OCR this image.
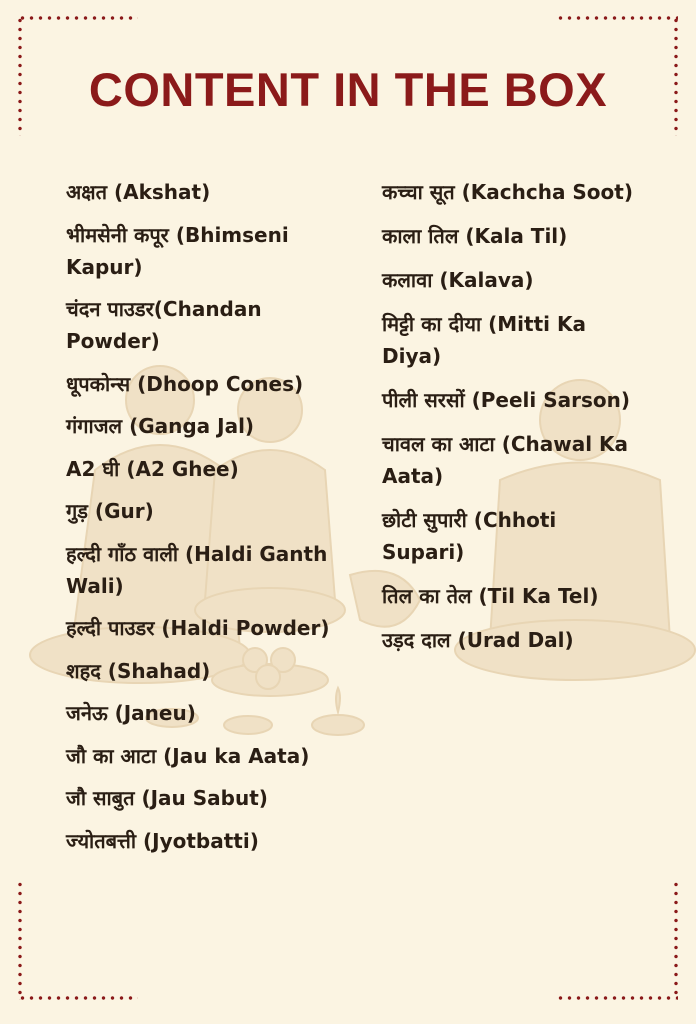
CONTENT IN THE BOX
अक्षत (Akshat)
भीमसेनी कपूर (Bhimseni Kapur)
चंदन पाउडर(Chandan Powder)
धूपकोन्स (Dhoop Cones)
गंगाजल (Ganga Jal)
A2 घी (A2 Ghee)
गुड़ (Gur)
हल्दी गाँठ वाली (Haldi Ganth Wali)
हल्दी पाउडर (Haldi Powder)
शहद (Shahad)
जनेऊ (Janeu)
जौ का आटा (Jau ka Aata)
जौ साबुत (Jau Sabut)
ज्योतबत्ती (Jyotbatti)
कच्चा सूत (Kachcha Soot)
काला तिल (Kala Til)
कलावा (Kalava)
मिट्टी का दीया (Mitti Ka Diya)
पीली सरसों (Peeli Sarson)
चावल का आटा (Chawal Ka Aata)
छोटी सुपारी (Chhoti Supari)
तिल का तेल (Til Ka Tel)
उड़द दाल (Urad Dal)
